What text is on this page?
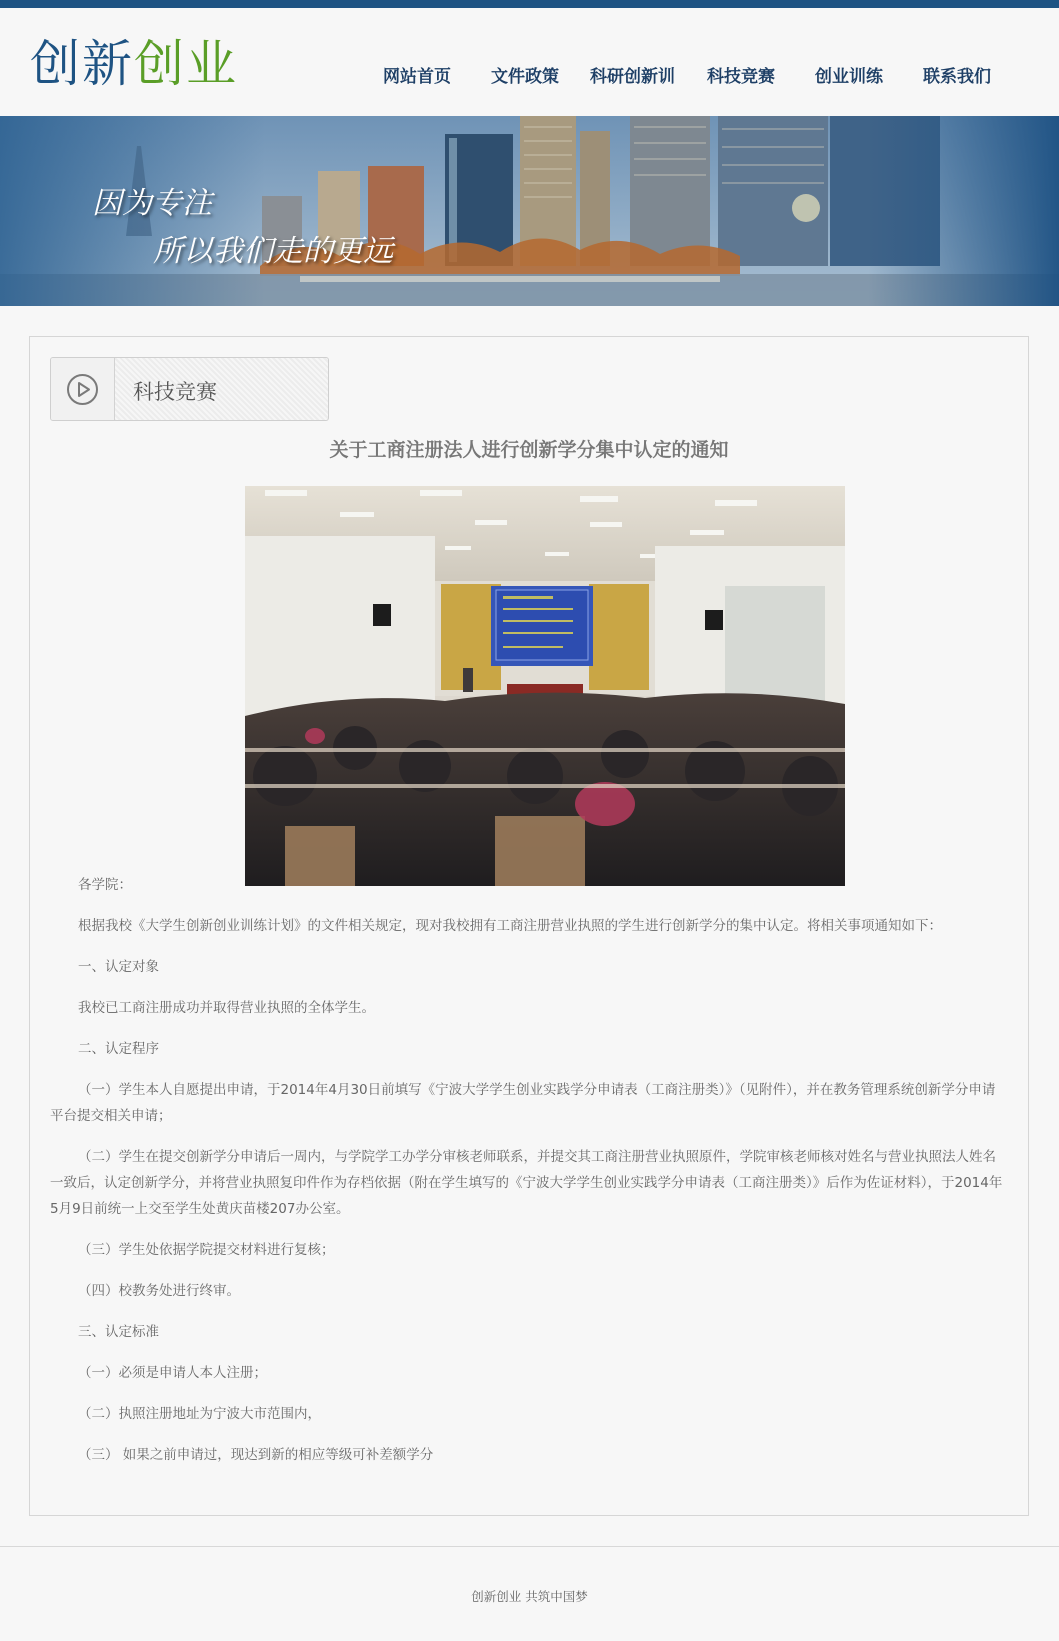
创新创业	网站首页 文件政策 科研创新训 科技竞赛 创业训练 联系我们
因为专注
所以我们走的更远
科技竞赛
关于工商注册法人进行创新学分集中认定的通知
各学院：
根据我校《大学生创新创业训练计划》的文件相关规定，现对我校拥有工商注册营业执照的学生进行创新学分的集中认定。将相关事项通知如下：
一、认定对象
我校已工商注册成功并取得营业执照的全体学生。
二、认定程序
（一）学生本人自愿提出申请，于2014年4月30日前填写《宁波大学学生创业实践学分申请表（工商注册类）》（见附件），并在教务管理系统创新学分申请平台提交相关申请；
（二）学生在提交创新学分申请后一周内，与学院学工办学分审核老师联系，并提交其工商注册营业执照原件，学院审核老师核对姓名与营业执照法人姓名一致后，认定创新学分，并将营业执照复印件作为存档依据（附在学生填写的《宁波大学学生创业实践学分申请表（工商注册类）》后作为佐证材料），于2014年5月9日前统一上交至学生处黄庆苗楼207办公室。
（三）学生处依据学院提交材料进行复核；
（四）校教务处进行终审。
三、认定标准
（一）必须是申请人本人注册；
（二）执照注册地址为宁波大市范围内，
（三） 如果之前申请过，现达到新的相应等级可补差额学分
创新创业 共筑中国梦
